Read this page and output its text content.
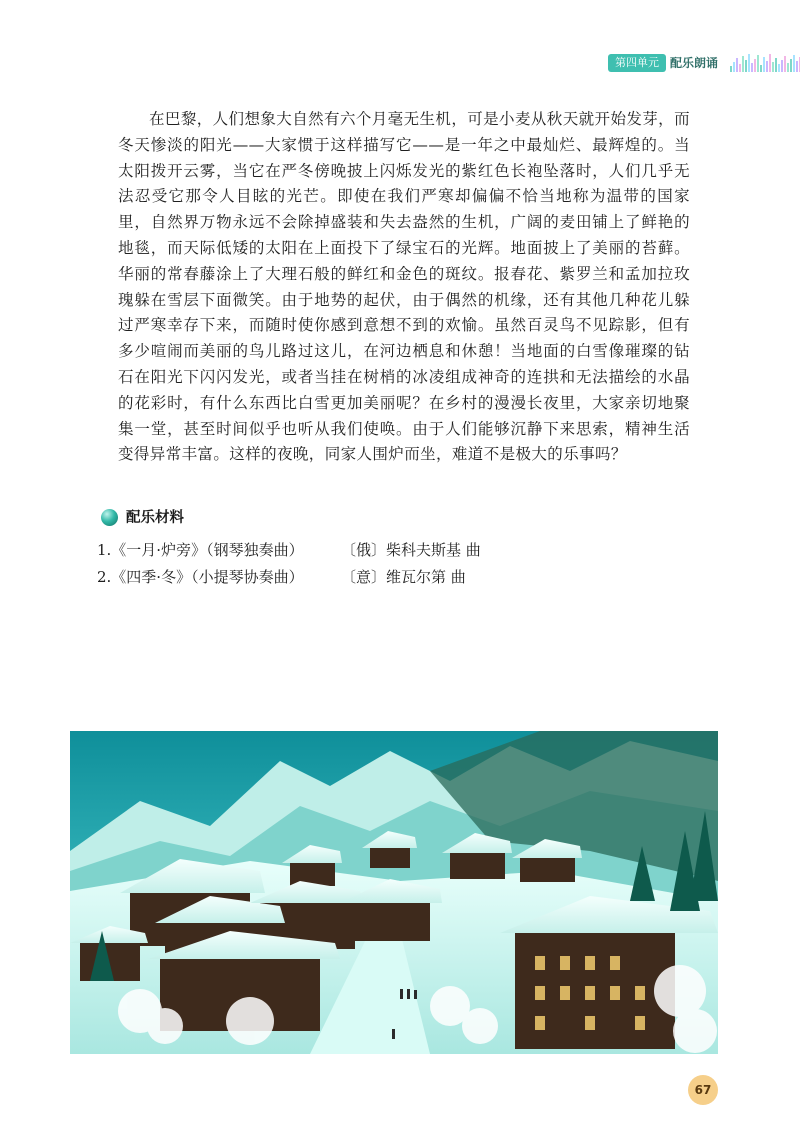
第四单元 配乐朗诵

在巴黎，人们想象大自然有六个月毫无生机，可是小麦从秋天就开始发芽，而冬天惨淡的阳光——大家惯于这样描写它——是一年之中最灿烂、最辉煌的。当太阳拨开云雾，当它在严冬傍晚披上闪烁发光的紫红色长袍坠落时，人们几乎无法忍受它那令人目眩的光芒。即使在我们严寒却偏偏不恰当地称为温带的国家里，自然界万物永远不会除掉盛装和失去盎然的生机，广阔的麦田铺上了鲜艳的地毯，而天际低矮的太阳在上面投下了绿宝石的光辉。地面披上了美丽的苔藓。华丽的常春藤涂上了大理石般的鲜红和金色的斑纹。报春花、紫罗兰和孟加拉玫瑰躲在雪层下面微笑。由于地势的起伏，由于偶然的机缘，还有其他几种花儿躲过严寒幸存下来，而随时使你感到意想不到的欢愉。虽然百灵鸟不见踪影，但有多少喧闹而美丽的鸟儿路过这儿，在河边栖息和休憩！当地面的白雪像璀璨的钻石在阳光下闪闪发光，或者当挂在树梢的冰凌组成神奇的连拱和无法描绘的水晶的花彩时，有什么东西比白雪更加美丽呢？在乡村的漫漫长夜里，大家亲切地聚集一堂，甚至时间似乎也听从我们使唤。由于人们能够沉静下来思索，精神生活变得异常丰富。这样的夜晚，同家人围炉而坐，难道不是极大的乐事吗？

配乐材料
1.《一月·炉旁》（钢琴独奏曲） 〔俄〕柴科夫斯基 曲
2.《四季·冬》（小提琴协奏曲） 〔意〕维瓦尔第 曲
67
